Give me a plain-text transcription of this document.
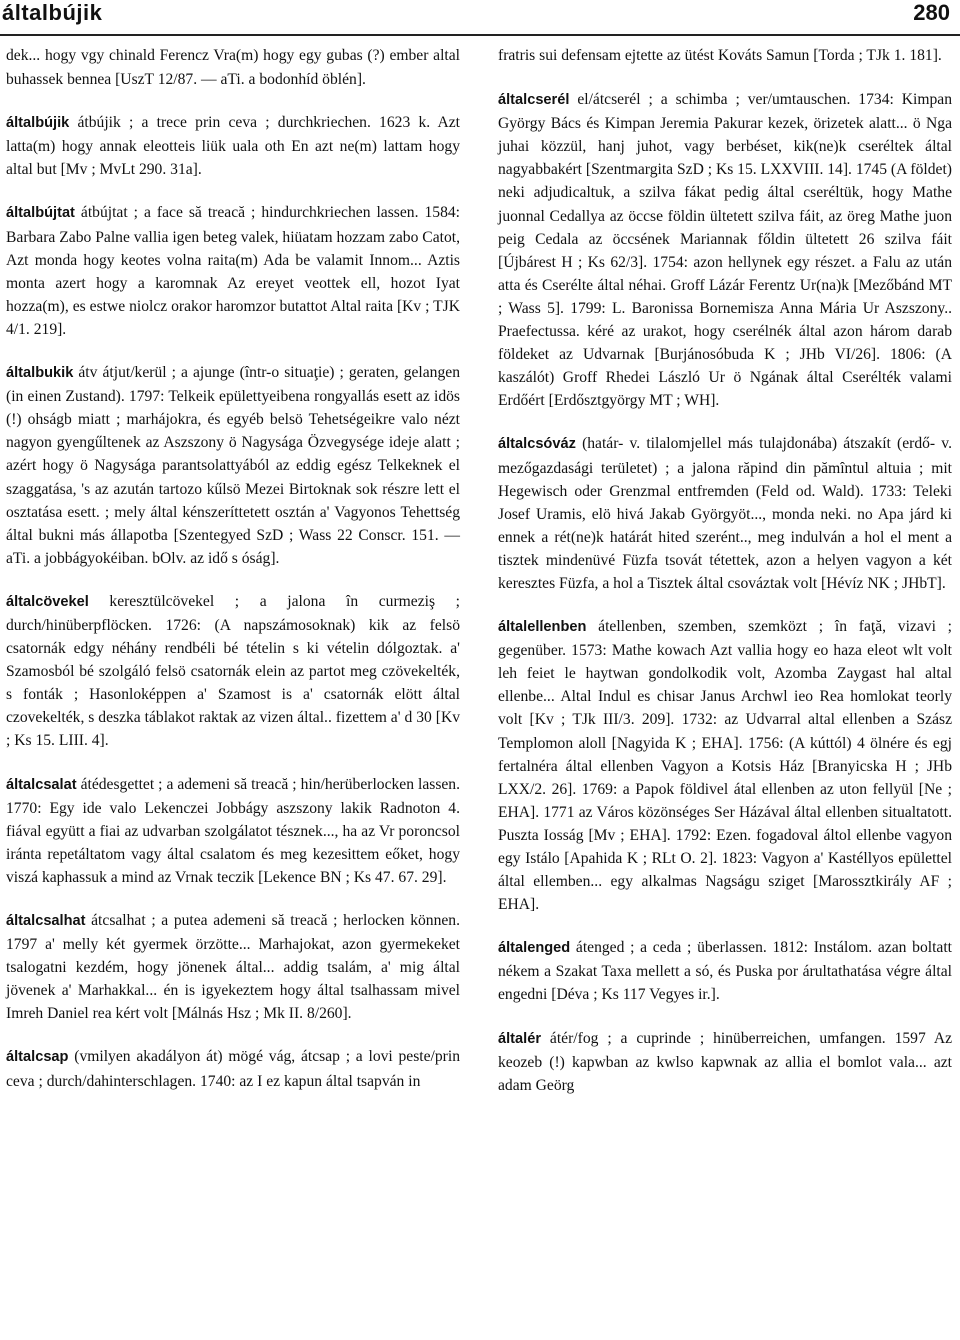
általbújik	280

dek... hogy vgy chinald Ferencz Vra(m) hogy egy gubas (?) ember altal buhassek bennea [UszT 12/87. — aTi. a bodonhíd öblén].

általbújik átbújik ; a trece prin ceva ; durchkriechen. 1623 k. Azt latta(m) hogy annak eleotteis liük uala oth En azt ne(m) lattam hogy altal but [Mv ; MvLt 290. 31a].

általbújtat átbújtat ; a face să treacă ; hindurchkriechen lassen. 1584: Barbara Zabo Palne vallia igen beteg valek, hiüatam hozzam zabo Catot, Azt monda hogy keotes volna raita(m) Ada be valamit Innom... Aztis monta azert hogy a karomnak Az ereyet veottek ell, hozot Iyat hozza(m), es estwe niolcz orakor haromzor butattot Altal raita [Kv ; TJK 4/1. 219].

általbukik átv átjut/kerül ; a ajunge (într-o situaţie) ; geraten, gelangen (in einen Zustand). 1797: Telkeik epülettyeibena rongyallás esett az idös (!) ohságb miatt ; marhájokra, és egyéb belsö Tehetségeikre valo nézt nagyon gyengűltenek az Aszszony ö Nagysága Özvegysége ideje alatt ; azért hogy ö Nagysága parantsolattyából az eddig egész Telkeknek el szaggatása, 's az azután tartozo kűlsö Mezei Birtoknak sok részre lett el osztatása esett. ; mely által kénszeríttetett osztán a' Vagyonos Tehettség által bukni más állapotba [Szentegyed SzD ; Wass 22 Conscr. 151. — aTi. a jobbágyokéiban. bOlv. az idő s óság].

általcövekel keresztülcövekel ; a jalona în curmeziş ; durch/hinüberpflöcken. 1726: (A napszámosoknak) kik az felsö csatornák edgy néhány rendbéli bé tételin s ki vételin dólgoztak. a' Szamosból bé szolgáló felsö csatornák elein az partot meg czövekelték, s fonták ; Hasonloképpen a' Szamost is a' csatornák elött által czovekelték, s deszka táblakot raktak az vizen által.. fizettem a' d 30 [Kv ; Ks 15. LIII. 4].

általcsalat átédesgettet ; a ademeni să treacă ; hin/herüberlocken lassen. 1770: Egy ide valo Lekenczei Jobbágy aszszony lakik Radnoton 4. fiával együtt a fiai az udvarban szolgálatot tésznek..., ha az Vr poroncsol iránta repetáltatom vagy által csalatom és meg kezesittem eőket, hogy viszá kaphassuk a mind az Vrnak teczik [Lekence BN ; Ks 47. 67. 29].

általcsalhat átcsalhat ; a putea ademeni să treacă ; herlocken können. 1797 a' melly két gyermek örzötte... Marhajokat, azon gyermekeket tsalogatni kezdém, hogy jönenek által... addig tsalám, a' mig által jövenek a' Marhakkal... én is igyekeztem hogy által tsalhassam mivel Imreh Daniel rea kért volt [Málnás Hsz ; Mk II. 8/260].

általcsap (vmilyen akadályon át) mögé vág, átcsap ; a lovi peste/prin ceva ; durch/dahinterschlagen. 1740: az I ez kapun által tsapván in

fratris sui defensam ejtette az ütést Kováts Samun [Torda ; TJk 1. 181].

általcserél el/átcserél ; a schimba ; ver/umtauschen. 1734: Kimpan György Bács és Kimpan Jeremia Pakurar kezek, örizetek alatt... ö Nga juhai közzül, hanj juhot, vagy berbéset, kik(ne)k cseréltek által nagyabbakért [Szentmargita SzD ; Ks 15. LXXVIII. 14]. 1745 (A földet) neki adjudicaltuk, a szilva fákat pedig által cseréltük, hogy Mathe juonnal Cedallya az öccse földin ültetett szilva fáit, az öreg Mathe juon peig Cedala az öccsének Mariannak főldin ültetett 26 szilva fáit [Újbárest H ; Ks 62/3]. 1754: azon hellynek egy részet. a Falu az után atta és Cserélte által néhai. Groff Lázár Ferentz Ur(na)k [Mezőbánd MT ; Wass 5]. 1799: L. Baronissa Bornemisza Anna Mária Ur Aszszony.. Praefectussa. kéré az urakot, hogy cserélnék által azon három darab földeket az Udvarnak [Burjánosóbuda K ; JHb VI/26]. 1806: (A kaszálót) Groff Rhedei László Ur ö Ngának által Cserélték valami Erdőért [Erdősztgyörgy MT ; WH].

általcsóváz (határ- v. tilalomjellel más tulajdonába) átszakít (erdő- v. mezőgazdasági területet) ; a jalona răpind din pămîntul altuia ; mit Hegewisch oder Grenzmal entfremden (Feld od. Wald). 1733: Teleki Josef Uramis, elö hivá Jakab Györgyöt..., monda neki. no Apa járd ki ennek a rét(ne)k határát hited szerént.., meg indulván a hol el ment a tisztek mindenüvé Füzfa tsovát tétettek, azon a helyen vagyon a két keresztes Füzfa, a hol a Tisztek által csováztak volt [Hévíz NK ; JHbT].

általellenben átellenben, szemben, szemközt ; în faţă, vizavi ; gegenüber. 1573: Mathe kowach Azt vallia hogy eo haza eleot wlt volt leh feiet le haytwan gondolkodik volt, Azomba Zaygast hal altal ellenbe... Altal Indul es chisar Janus Archwl ieo Rea homlokat teorly volt [Kv ; TJk III/3. 209]. 1732: az Udvarral altal ellenben a Szász Templomon aloll [Nagyida K ; EHA]. 1756: (A kúttól) 4 ölnére és egj fertalnéra által ellenben Vagyon a Kotsis Ház [Branyicska H ; JHb LXX/2. 26]. 1769: a Papok földivel átal ellenben az uton fellyül [Ne ; EHA]. 1771 az Város közönséges Ser Házával által ellenben situaltatott. Puszta Iosság [Mv ; EHA]. 1792: Ezen. fogadoval áltol ellenbe vagyon egy Istálo [Apahida K ; RLt O. 2]. 1823: Vagyon a' Kastéllyos epülettel által ellemben... egy alkalmas Nagságu sziget [Marossztkirály AF ; EHA].

általenged átenged ; a ceda ; überlassen. 1812: Instálom. azan boltatt nékem a Szakat Taxa mellett a só, és Puska por árultathatása végre által engedni [Déva ; Ks 117 Vegyes ir.].

általér átér/fog ; a cuprinde ; hinüberreichen, umfangen. 1597 Az keozeb (!) kapwban az kwlso kapwnak az allia el bomlot vala... azt adam Geörg
